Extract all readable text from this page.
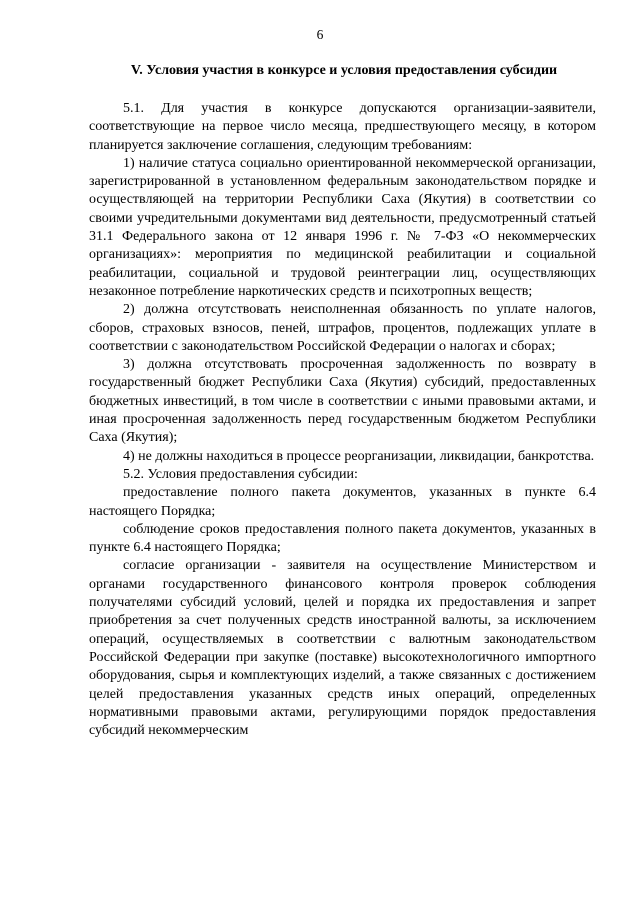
6
V. Условия участия в конкурсе и условия предоставления субсидии

5.1. Для участия в конкурсе допускаются организации-заявители, соответствующие на первое число месяца, предшествующего месяцу, в котором планируется заключение соглашения, следующим требованиям:

1) наличие статуса социально ориентированной некоммерческой организации, зарегистрированной в установленном федеральным законодательством порядке и осуществляющей на территории Республики Саха (Якутия) в соответствии со своими учредительными документами вид деятельности, предусмотренный статьей 31.1 Федерального закона от 12 января 1996 г. № 7-ФЗ «О некоммерческих организациях»: мероприятия по медицинской реабилитации и социальной реабилитации, социальной и трудовой реинтеграции лиц, осуществляющих незаконное потребление наркотических средств и психотропных веществ;

2) должна отсутствовать неисполненная обязанность по уплате налогов, сборов, страховых взносов, пеней, штрафов, процентов, подлежащих уплате в соответствии с законодательством Российской Федерации о налогах и сборах;

3) должна отсутствовать просроченная задолженность по возврату в государственный бюджет Республики Саха (Якутия) субсидий, предоставленных бюджетных инвестиций, в том числе в соответствии с иными правовыми актами, и иная просроченная задолженность перед государственным бюджетом Республики Саха (Якутия);

4) не должны находиться в процессе реорганизации, ликвидации, банкротства.

5.2. Условия предоставления субсидии:

предоставление полного пакета документов, указанных в пункте 6.4 настоящего Порядка;

соблюдение сроков предоставления полного пакета документов, указанных в пункте 6.4 настоящего Порядка;

согласие организации - заявителя на осуществление Министерством и органами государственного финансового контроля проверок соблюдения получателями субсидий условий, целей и порядка их предоставления и запрет приобретения за счет полученных средств иностранной валюты, за исключением операций, осуществляемых в соответствии с валютным законодательством Российской Федерации при закупке (поставке) высокотехнологичного импортного оборудования, сырья и комплектующих изделий, а также связанных с достижением целей предоставления указанных средств иных операций, определенных нормативными правовыми актами, регулирующими порядок предоставления субсидий некоммерческим
